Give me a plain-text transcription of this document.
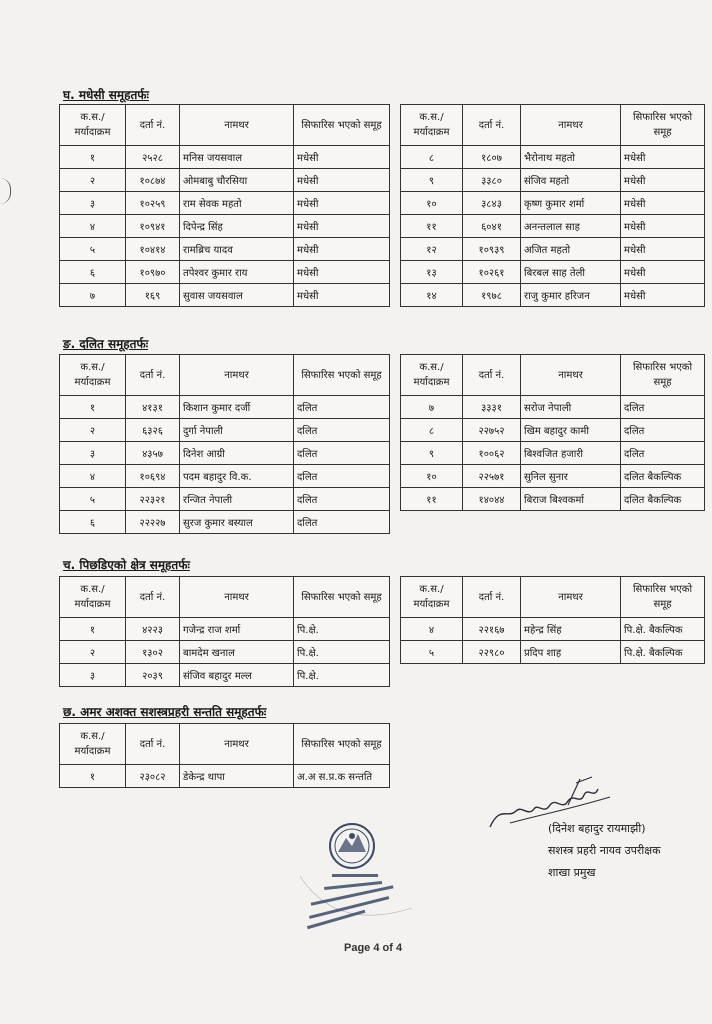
घ. मधेसी समूहतर्फः
क.स./ मर्यादाक्रम	दर्ता नं.	नामथर	सिफारिस भएको समूह
१	२५२८	मनिस जयसवाल	मधेसी
२	१०८७४	ओमबाबु चौरसिया	मधेसी
३	१०२५९	राम सेवक महतो	मधेसी
४	१०९४१	दिपेन्द्र सिंह	मधेसी
५	१०४१४	रामब्रिच यादव	मधेसी
६	१०९७०	तपेश्वर कुमार राय	मधेसी
७	१६९	सुवास जयसवाल	मधेसी
क.स./ मर्यादाक्रम	दर्ता नं.	नामथर	सिफारिस भएको समूह
८	१८०७	भैरोनाथ महतो	मधेसी
९	३३८०	संजिव महतो	मधेसी
१०	३८४३	कृष्ण कुमार शर्मा	मधेसी
११	६०४१	अनन्तलाल साह	मधेसी
१२	१०९३९	अजित महतो	मधेसी
१३	१०२६१	बिरबल साह तेली	मधेसी
१४	१९७८	राजु कुमार हरिजन	मधेसी
ङ. दलित समूहतर्फः
क.स./ मर्यादाक्रम	दर्ता नं.	नामथर	सिफारिस भएको समूह
१	४१३१	किशान कुमार दर्जी	दलित
२	६३२६	दुर्गा नेपाली	दलित
३	४३५७	दिनेश आग्री	दलित
४	१०६९४	पदम बहादुर वि.क.	दलित
५	२२३२१	रन्जित नेपाली	दलित
६	२२२२७	सुरज कुमार बस्याल	दलित
क.स./ मर्यादाक्रम	दर्ता नं.	नामथर	सिफारिस भएको समूह
७	३३३१	सरोज नेपाली	दलित
८	२२७५२	खिम बहादुर कामी	दलित
९	१००६२	बिश्वजित हजारी	दलित
१०	२२५७१	सुनिल सुनार	दलित बैकल्पिक
११	१४०४४	बिराज बिश्वकर्मा	दलित बैकल्पिक
च. पिछडिएको क्षेत्र समूहतर्फः
क.स./ मर्यादाक्रम	दर्ता नं.	नामथर	सिफारिस भएको समूह
१	४२२३	गजेन्द्र राज शर्मा	पि.क्षे.
२	१३०२	बामदेम खनाल	पि.क्षे.
३	२०३९	संजिव बहादुर मल्ल	पि.क्षे.
क.स./ मर्यादाक्रम	दर्ता नं.	नामथर	सिफारिस भएको समूह
४	२२१६७	महेन्द्र सिंह	पि.क्षे. बैकल्पिक
५	२२९८०	प्रदिप शाह	पि.क्षे. बैकल्पिक
छ. अमर अशक्त सशस्त्रप्रहरी सन्तति समूहतर्फः
क.स./ मर्यादाक्रम	दर्ता नं.	नामथर	सिफारिस भएको समूह
१	२३०८२	डेकेन्द्र थापा	अ.अ स.प्र.क सन्तति
(दिनेश बहादुर रायमाझी)
सशस्त्र प्रहरी नायव उपरीक्षक
शाखा प्रमुख
Page 4 of 4
